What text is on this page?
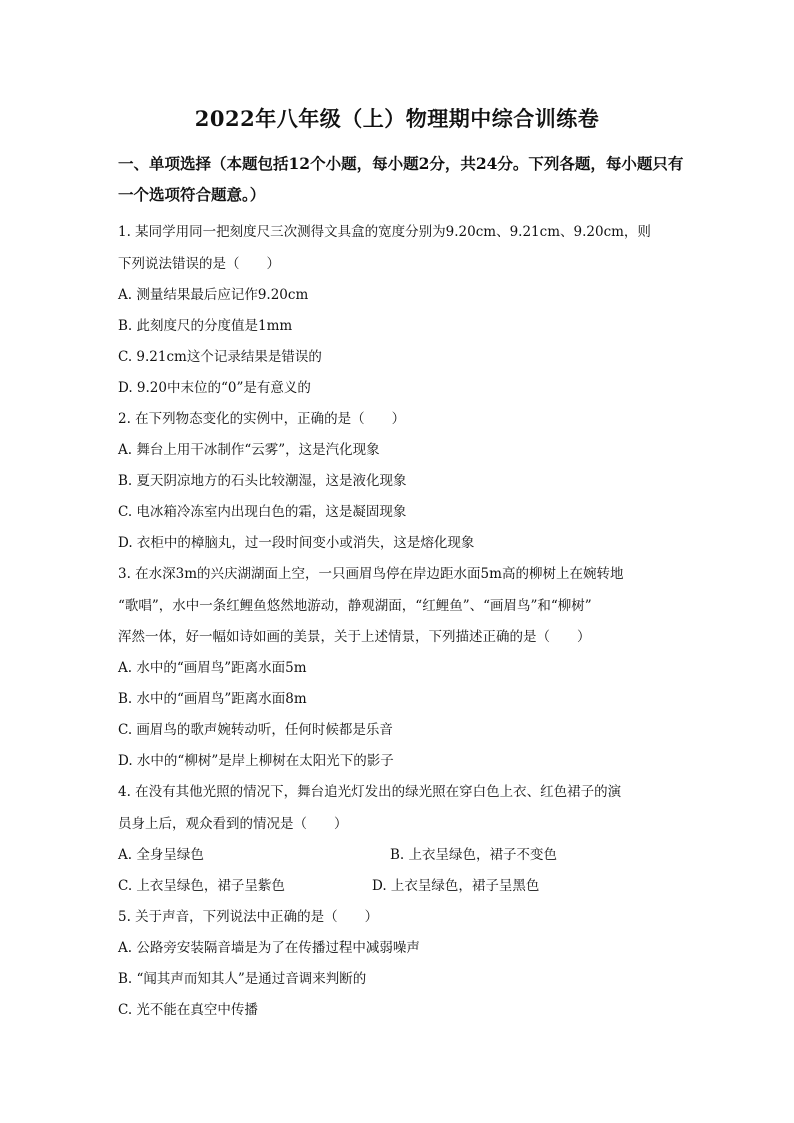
2022年八年级（上）物理期中综合训练卷
一、单项选择（本题包括12个小题，每小题2分，共24分。下列各题，每小题只有一个选项符合题意。）
1. 某同学用同一把刻度尺三次测得文具盒的宽度分别为9.20cm、9.21cm、9.20cm，则
下列说法错误的是（　　）
A. 测量结果最后应记作9.20cm
B. 此刻度尺的分度值是1mm
C. 9.21cm这个记录结果是错误的
D. 9.20中末位的“0”是有意义的
2. 在下列物态变化的实例中，正确的是（　　）
A. 舞台上用干冰制作“云雾”，这是汽化现象
B. 夏天阴凉地方的石头比较潮湿，这是液化现象
C. 电冰箱冷冻室内出现白色的霜，这是凝固现象
D. 衣柜中的樟脑丸，过一段时间变小或消失，这是熔化现象
3. 在水深3m的兴庆湖湖面上空，一只画眉鸟停在岸边距水面5m高的柳树上在婉转地
“歌唱”，水中一条红鲤鱼悠然地游动，静观湖面，“红鲤鱼”、“画眉鸟”和“柳树”
浑然一体，好一幅如诗如画的美景，关于上述情景，下列描述正确的是（　　）
A. 水中的“画眉鸟”距离水面5m
B. 水中的“画眉鸟”距离水面8m
C. 画眉鸟的歌声婉转动听，任何时候都是乐音
D. 水中的“柳树”是岸上柳树在太阳光下的影子
4. 在没有其他光照的情况下，舞台追光灯发出的绿光照在穿白色上衣、红色裙子的演
员身上后，观众看到的情况是（　　）
A. 全身呈绿色	B. 上衣呈绿色，裙子不变色
C. 上衣呈绿色，裙子呈紫色	D. 上衣呈绿色，裙子呈黑色
5. 关于声音，下列说法中正确的是（　　）
A. 公路旁安装隔音墙是为了在传播过程中减弱噪声
B. “闻其声而知其人”是通过音调来判断的
C. 光不能在真空中传播
